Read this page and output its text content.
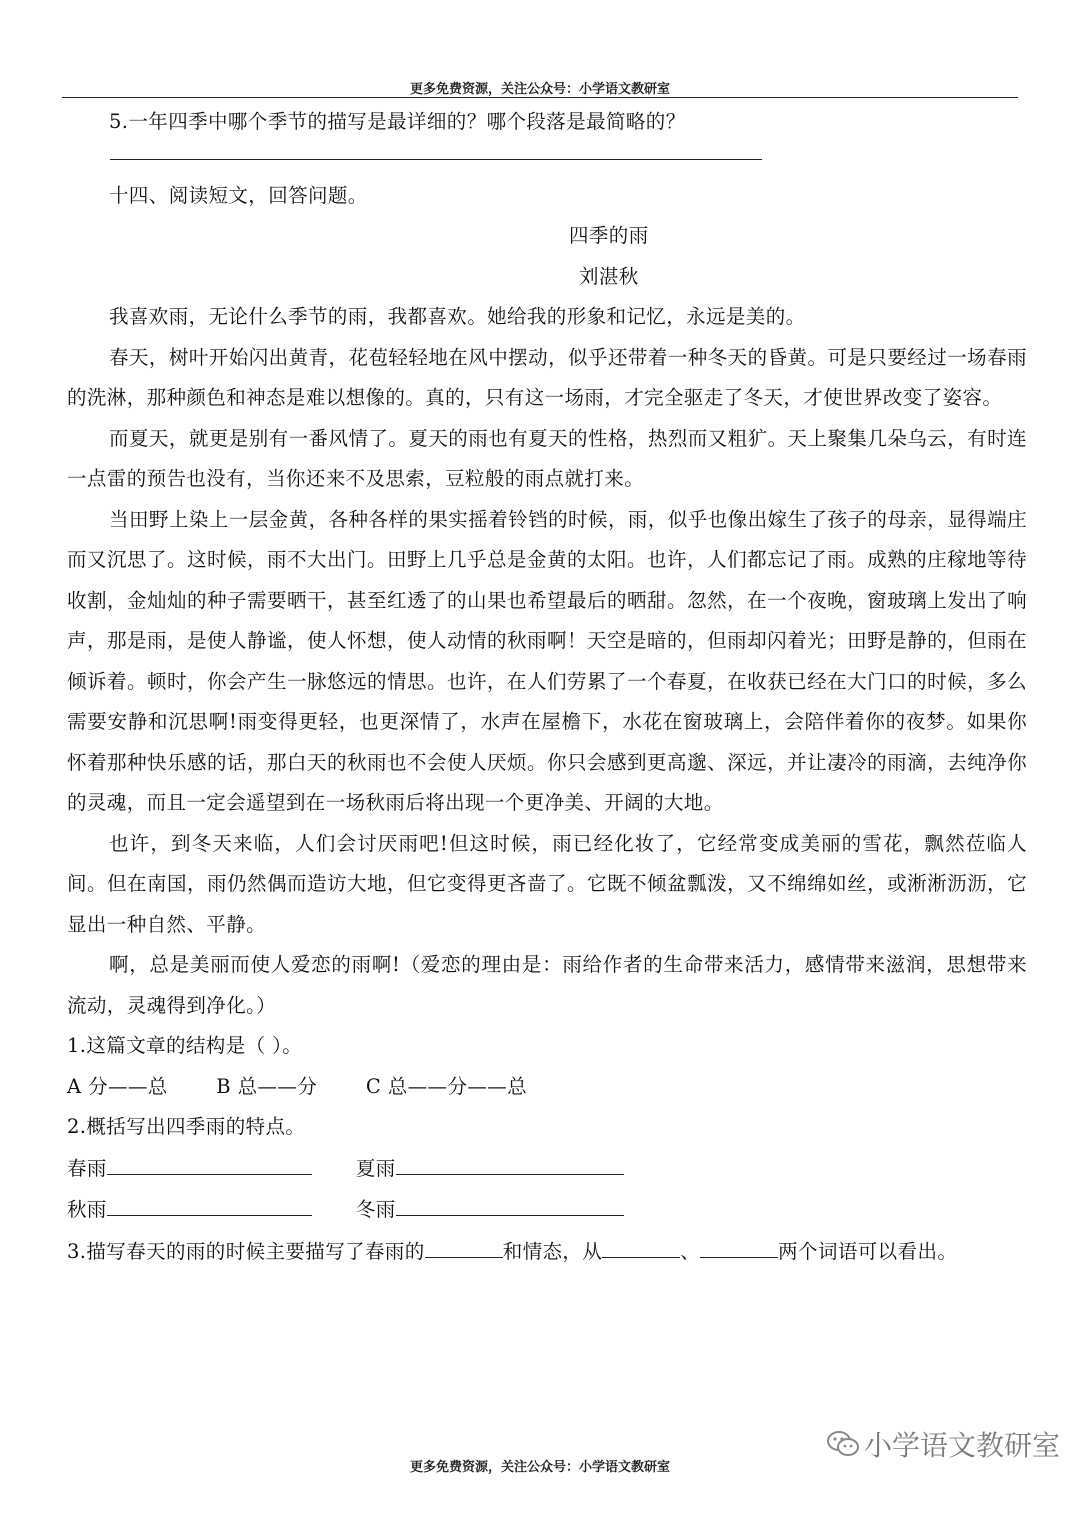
更多免费资源，关注公众号：小学语文教研室
5.一年四季中哪个季节的描写是最详细的？哪个段落是最简略的？
十四、阅读短文，回答问题。
四季的雨
刘湛秋

我喜欢雨，无论什么季节的雨，我都喜欢。她给我的形象和记忆，永远是美的。

春天，树叶开始闪出黄青，花苞轻轻地在风中摆动，似乎还带着一种冬天的昏黄。可是只要经过一场春雨的洗淋，那种颜色和神态是难以想像的。真的，只有这一场雨，才完全驱走了冬天，才使世界改变了姿容。

而夏天，就更是别有一番风情了。夏天的雨也有夏天的性格，热烈而又粗犷。天上聚集几朵乌云，有时连一点雷的预告也没有，当你还来不及思索，豆粒般的雨点就打来。

当田野上染上一层金黄，各种各样的果实摇着铃铛的时候，雨，似乎也像出嫁生了孩子的母亲，显得端庄而又沉思了。这时候，雨不大出门。田野上几乎总是金黄的太阳。也许，人们都忘记了雨。成熟的庄稼地等待收割，金灿灿的种子需要晒干，甚至红透了的山果也希望最后的晒甜。忽然，在一个夜晚，窗玻璃上发出了响声，那是雨，是使人静谧，使人怀想，使人动情的秋雨啊！天空是暗的，但雨却闪着光；田野是静的，但雨在倾诉着。顿时，你会产生一脉悠远的情思。也许，在人们劳累了一个春夏，在收获已经在大门口的时候，多么需要安静和沉思啊!雨变得更轻，也更深情了，水声在屋檐下，水花在窗玻璃上，会陪伴着你的夜梦。如果你怀着那种快乐感的话，那白天的秋雨也不会使人厌烦。你只会感到更高邈、深远，并让凄冷的雨滴，去纯净你的灵魂，而且一定会遥望到在一场秋雨后将出现一个更净美、开阔的大地。

也许，到冬天来临，人们会讨厌雨吧!但这时候，雨已经化妆了，它经常变成美丽的雪花，飘然莅临人间。但在南国，雨仍然偶而造访大地，但它变得更吝啬了。它既不倾盆瓢泼，又不绵绵如丝，或淅淅沥沥，它显出一种自然、平静。

啊，总是美丽而使人爱恋的雨啊!（爱恋的理由是：雨给作者的生命带来活力，感情带来滋润，思想带来流动，灵魂得到净化。）

1.这篇文章的结构是（ ）。
A 分——总 B 总——分 C 总——分——总
2.概括写出四季雨的特点。
春雨	夏雨
秋雨	冬雨
3.描写春天的雨的时候主要描写了春雨的	和情态，从	、	两个词语可以看出。
更多免费资源，关注公众号：小学语文教研室
小学语文教研室
